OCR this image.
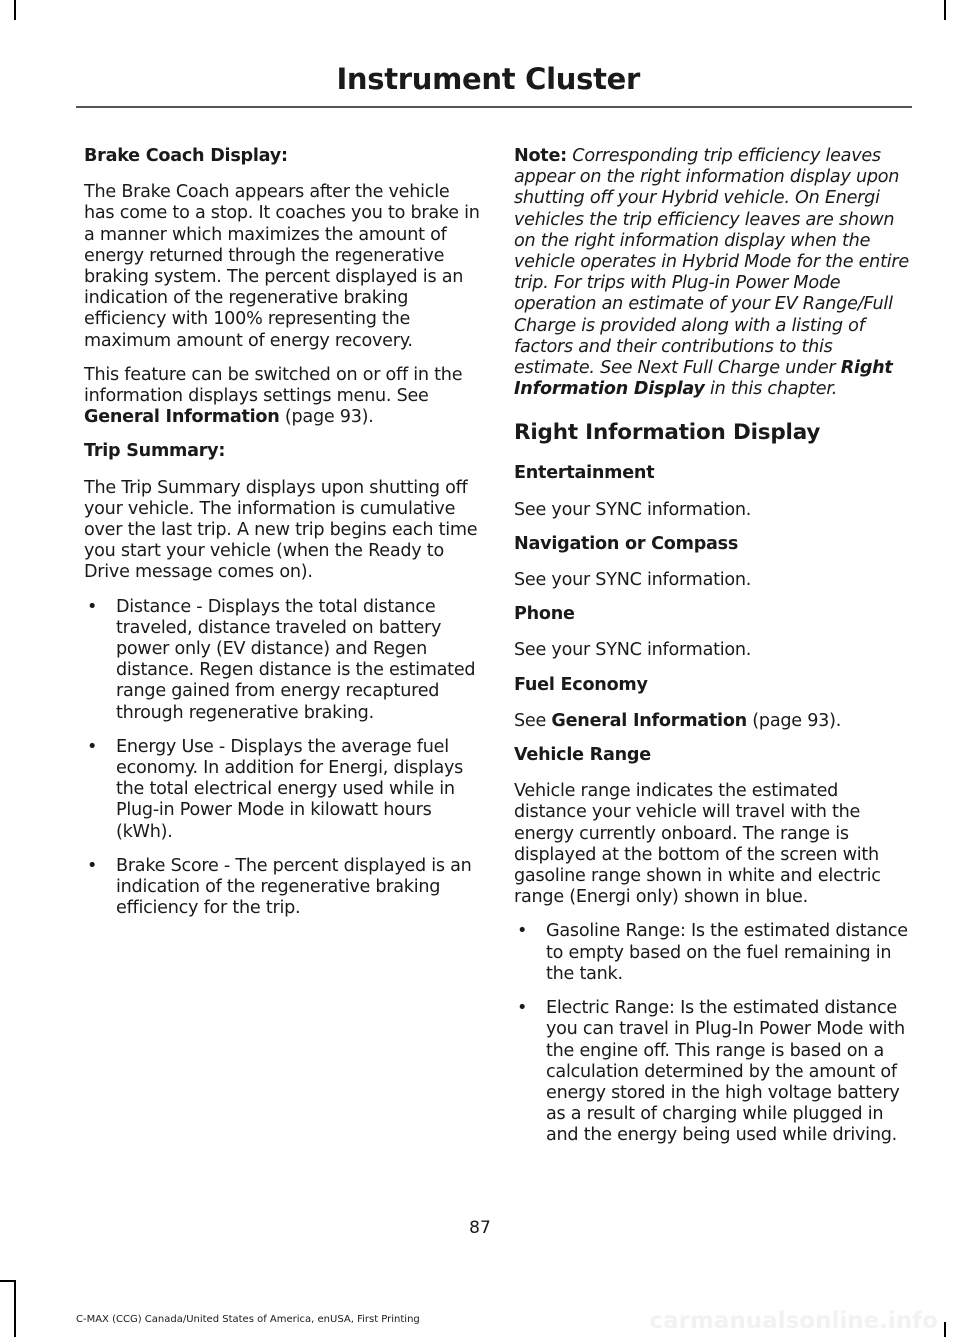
Instrument Cluster

Brake Coach Display:

The Brake Coach appears after the vehicle has come to a stop. It coaches you to brake in a manner which maximizes the amount of energy returned through the regenerative braking system. The percent displayed is an indication of the regenerative braking efficiency with 100% representing the maximum amount of energy recovery.

This feature can be switched on or off in the information displays settings menu. See General Information (page 93).

Trip Summary:

The Trip Summary displays upon shutting off your vehicle. The information is cumulative over the last trip. A new trip begins each time you start your vehicle (when the Ready to Drive message comes on).

• Distance - Displays the total distance traveled, distance traveled on battery power only (EV distance) and Regen distance. Regen distance is the estimated range gained from energy recaptured through regenerative braking.
• Energy Use - Displays the average fuel economy. In addition for Energi, displays the total electrical energy used while in Plug-in Power Mode in kilowatt hours (kWh).
• Brake Score - The percent displayed is an indication of the regenerative braking efficiency for the trip.

Note: Corresponding trip efficiency leaves appear on the right information display upon shutting off your Hybrid vehicle. On Energi vehicles the trip efficiency leaves are shown on the right information display when the vehicle operates in Hybrid Mode for the entire trip. For trips with Plug-in Power Mode operation an estimate of your EV Range/Full Charge is provided along with a listing of factors and their contributions to this estimate. See Next Full Charge under Right Information Display in this chapter.

Right Information Display

Entertainment

See your SYNC information.

Navigation or Compass

See your SYNC information.

Phone

See your SYNC information.

Fuel Economy

See General Information (page 93).

Vehicle Range

Vehicle range indicates the estimated distance your vehicle will travel with the energy currently onboard. The range is displayed at the bottom of the screen with gasoline range shown in white and electric range (Energi only) shown in blue.

• Gasoline Range: Is the estimated distance to empty based on the fuel remaining in the tank.
• Electric Range: Is the estimated distance you can travel in Plug-In Power Mode with the engine off. This range is based on a calculation determined by the amount of energy stored in the high voltage battery as a result of charging while plugged in and the energy being used while driving.
87
C-MAX (CCG) Canada/United States of America, enUSA, First Printing	carmanualsonline.info
